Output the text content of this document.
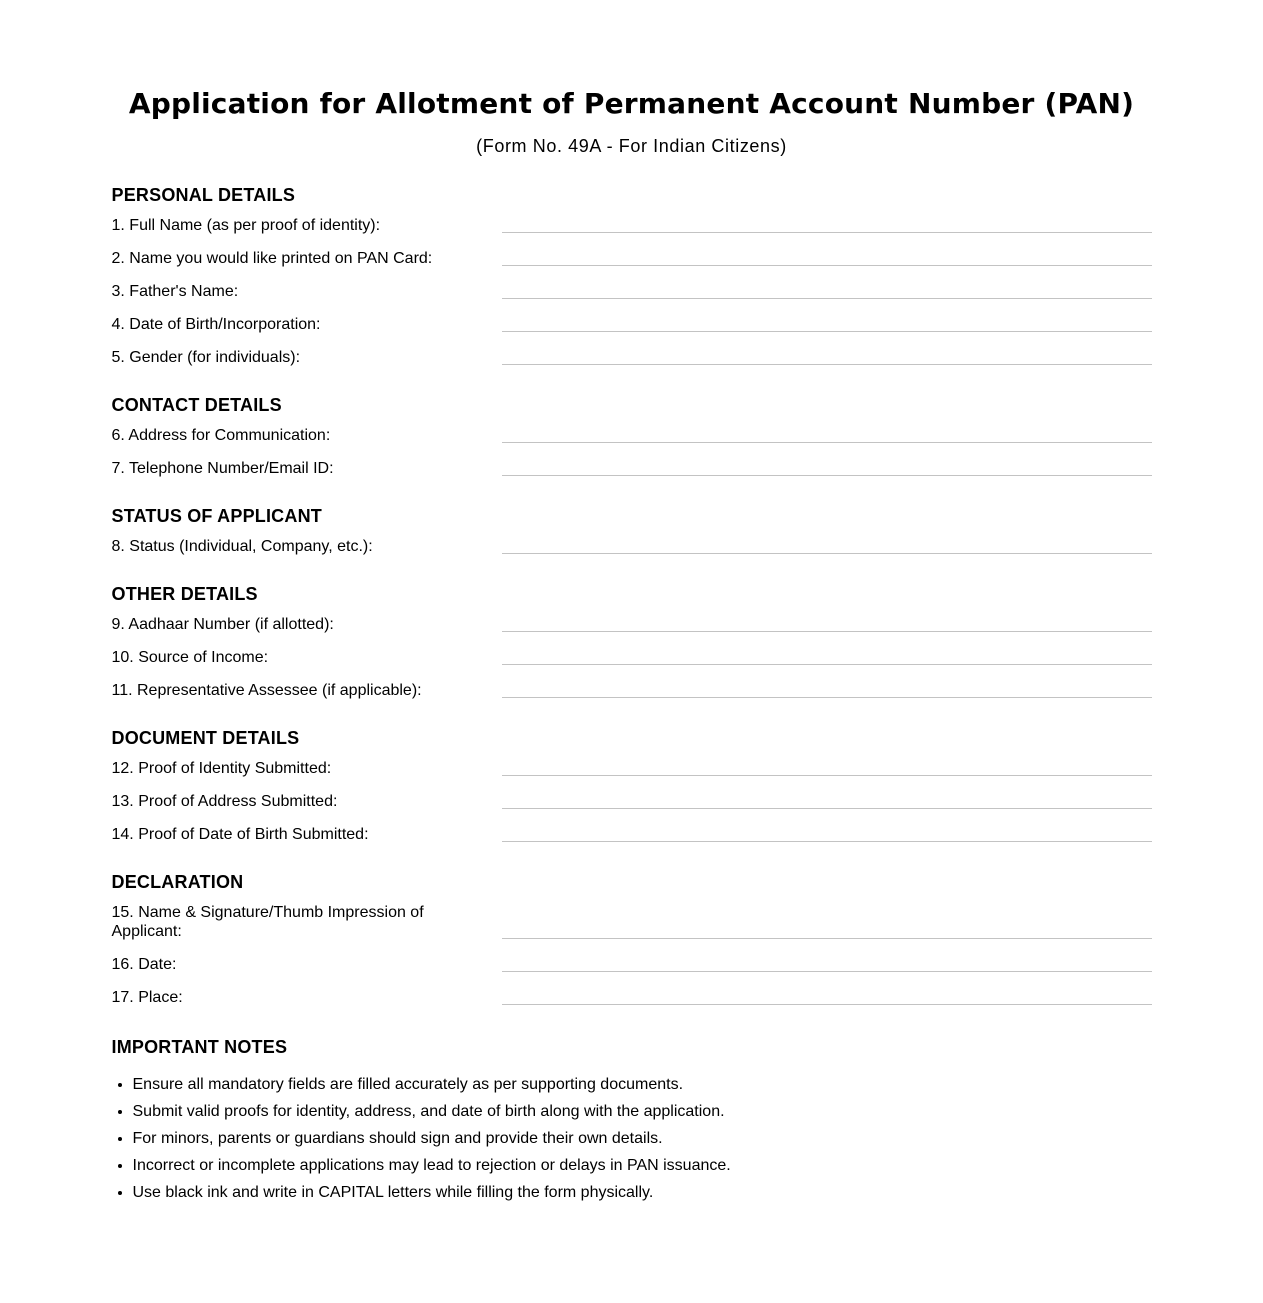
Application for Allotment of Permanent Account Number (PAN)
(Form No. 49A - For Indian Citizens)
PERSONAL DETAILS
1. Full Name (as per proof of identity):
2. Name you would like printed on PAN Card:
3. Father's Name:
4. Date of Birth/Incorporation:
5. Gender (for individuals):
CONTACT DETAILS
6. Address for Communication:
7. Telephone Number/Email ID:
STATUS OF APPLICANT
8. Status (Individual, Company, etc.):
OTHER DETAILS
9. Aadhaar Number (if allotted):
10. Source of Income:
11. Representative Assessee (if applicable):
DOCUMENT DETAILS
12. Proof of Identity Submitted:
13. Proof of Address Submitted:
14. Proof of Date of Birth Submitted:
DECLARATION
15. Name & Signature/Thumb Impression of Applicant:
16. Date:
17. Place:
IMPORTANT NOTES
• Ensure all mandatory fields are filled accurately as per supporting documents.
• Submit valid proofs for identity, address, and date of birth along with the application.
• For minors, parents or guardians should sign and provide their own details.
• Incorrect or incomplete applications may lead to rejection or delays in PAN issuance.
• Use black ink and write in CAPITAL letters while filling the form physically.
